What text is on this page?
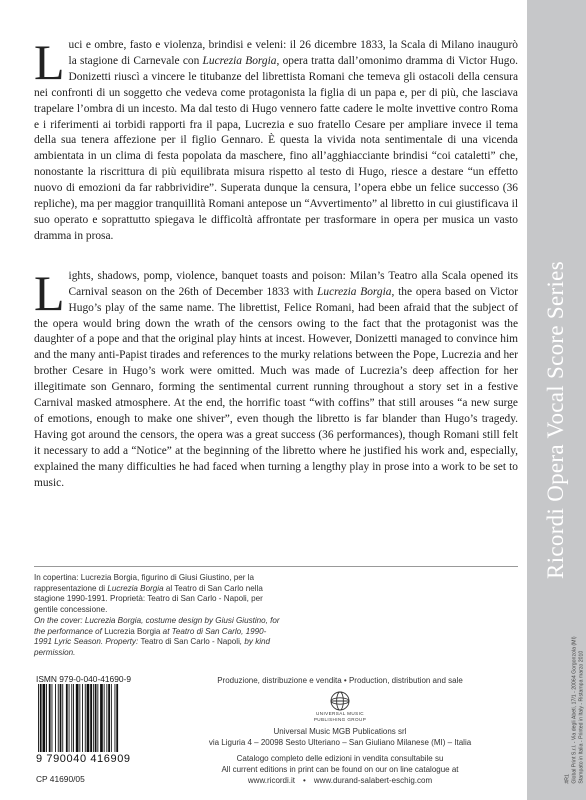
Luci e ombre, fasto e violenza, brindisi e veleni: il 26 dicembre 1833, la Scala di Milano inaugurò la stagione di Carnevale con Lucrezia Borgia, opera tratta dall’omonimo dramma di Victor Hugo. Donizetti riuscì a vincere le titubanze del librettista Romani che temeva gli ostacoli della censura nei confronti di un soggetto che vedeva come protagonista la figlia di un papa e, per di più, che lasciava trapelare l’ombra di un incesto. Ma dal testo di Hugo vennero fatte cadere le molte invettive contro Roma e i riferimenti ai torbidi rapporti fra il papa, Lucrezia e suo fratello Cesare per ampliare invece il tema della sua tenera affezione per il figlio Gennaro. È questa la vivida nota sentimentale di una vicenda ambientata in un clima di festa popolata da maschere, fino all’agghiacciante brindisi “coi cataletti” che, nonostante la riscrittura di più equilibrata misura rispetto al testo di Hugo, riesce a destare “un effetto nuovo di emozioni da far rabbrividire”. Superata dunque la censura, l’opera ebbe un felice successo (36 repliche), ma per maggior tranquillità Romani antepose un “Avvertimento” al libretto in cui giustificava il suo operato e soprattutto spiegava le difficoltà affrontate per trasformare in opera per musica un vasto dramma in prosa.

Lights, shadows, pomp, violence, banquet toasts and poison: Milan’s Teatro alla Scala opened its Carnival season on the 26th of December 1833 with Lucrezia Borgia, the opera based on Victor Hugo’s play of the same name. The librettist, Felice Romani, had been afraid that the subject of the opera would bring down the wrath of the censors owing to the fact that the protagonist was the daughter of a pope and that the original play hints at incest. However, Donizetti managed to convince him and the many anti-Papist tirades and references to the murky relations between the Pope, Lucrezia and her brother Cesare in Hugo’s work were omitted. Much was made of Lucrezia’s deep affection for her illegitimate son Gennaro, forming the sentimental current running throughout a story set in a festive Carnival masked atmosphere. At the end, the horrific toast “with coffins” that still arouses “a new surge of emotions, enough to make one shiver”, even though the libretto is far blander than Hugo’s tragedy. Having got around the censors, the opera was a great success (36 performances), though Romani still felt it necessary to add a “Notice” at the beginning of the libretto where he justified his work and, especially, explained the many difficulties he had faced when turning a lengthy play in prose into a work to be set to music.

In copertina: Lucrezia Borgia, figurino di Giusi Giustino, per la rappresentazione di Lucrezia Borgia al Teatro di San Carlo nella stagione 1990-1991. Proprietà: Teatro di San Carlo - Napoli, per gentile concessione.

On the cover: Lucrezia Borgia, costume design by Giusi Giustino, for the performance of Lucrezia Borgia at Teatro di San Carlo, 1990-1991 Lyric Season. Property: Teatro di San Carlo - Napoli, by kind permission.

ISMN 979-0-040-41690-9
9 790040 416909
CP 41690/05

Produzione, distribuzione e vendita • Production, distribution and sale

UNIVERSAL MUSIC
PUBLISHING GROUP

Universal Music MGB Publications srl

via Liguria 4 – 20098 Sesto Ulteriano – San Giuliano Milanese (MI) – Italia

Catalogo completo delle edizioni in vendita consultabile su

All current editions in print can be found on our on line catalogue at

www.ricordi.it • www.durand-salabert-eschig.com

Ricordi Opera Vocal Score Series
#R1 Global Print S.r.l. - Via degli Abeti, 17/1 - 20064 Gorgonzola (MI) Stampato in Italia - Printed in Italy - Ristampa marzo 2010
